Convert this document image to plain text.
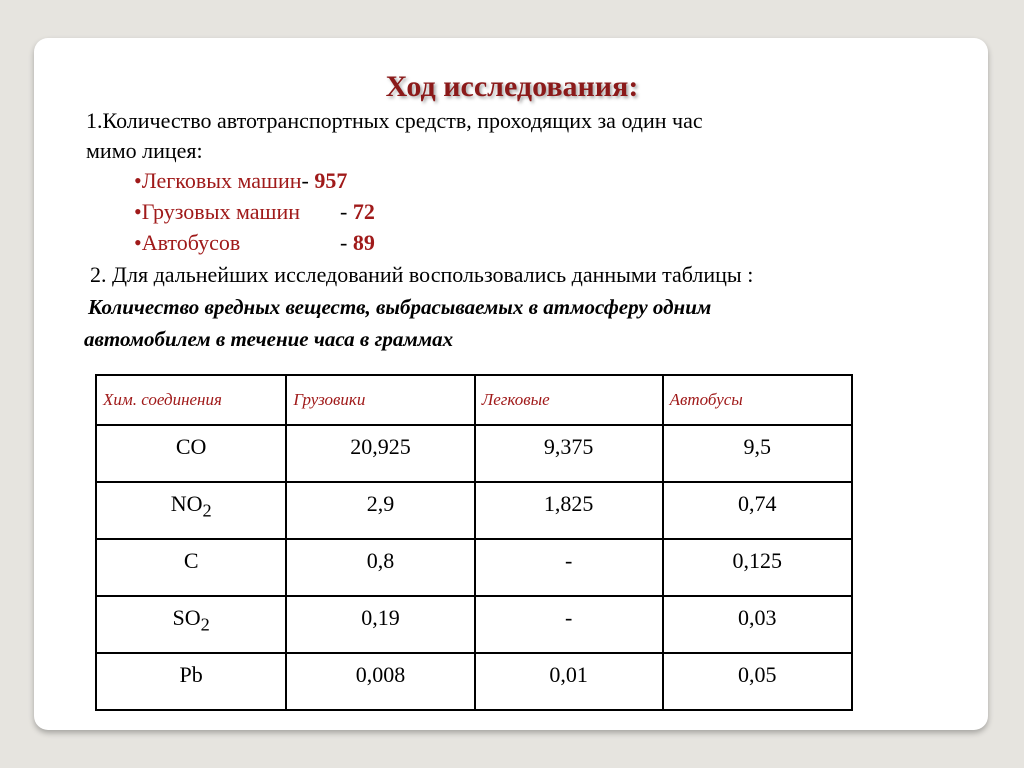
Ход исследования:
1.Количество автотранспортных средств, проходящих за один час
мимо лицея:
•Легковых машин- 957
•Грузовых машин - 72
•Автобусов	- 89
2. Для дальнейших исследований воспользовались данными таблицы :
Количество вредных веществ, выбрасываемых в атмосферу одним
автомобилем в течение часа в граммах
Хим. соединения	Грузовики	Легковые	Автобусы
CO	20,925	9,375	9,5
$NO_2$	2,9	1,825	0,74
C	0,8	-	0,125
$SO_2$	0,19	-	0,03
Pb	0,008	0,01	0,05
